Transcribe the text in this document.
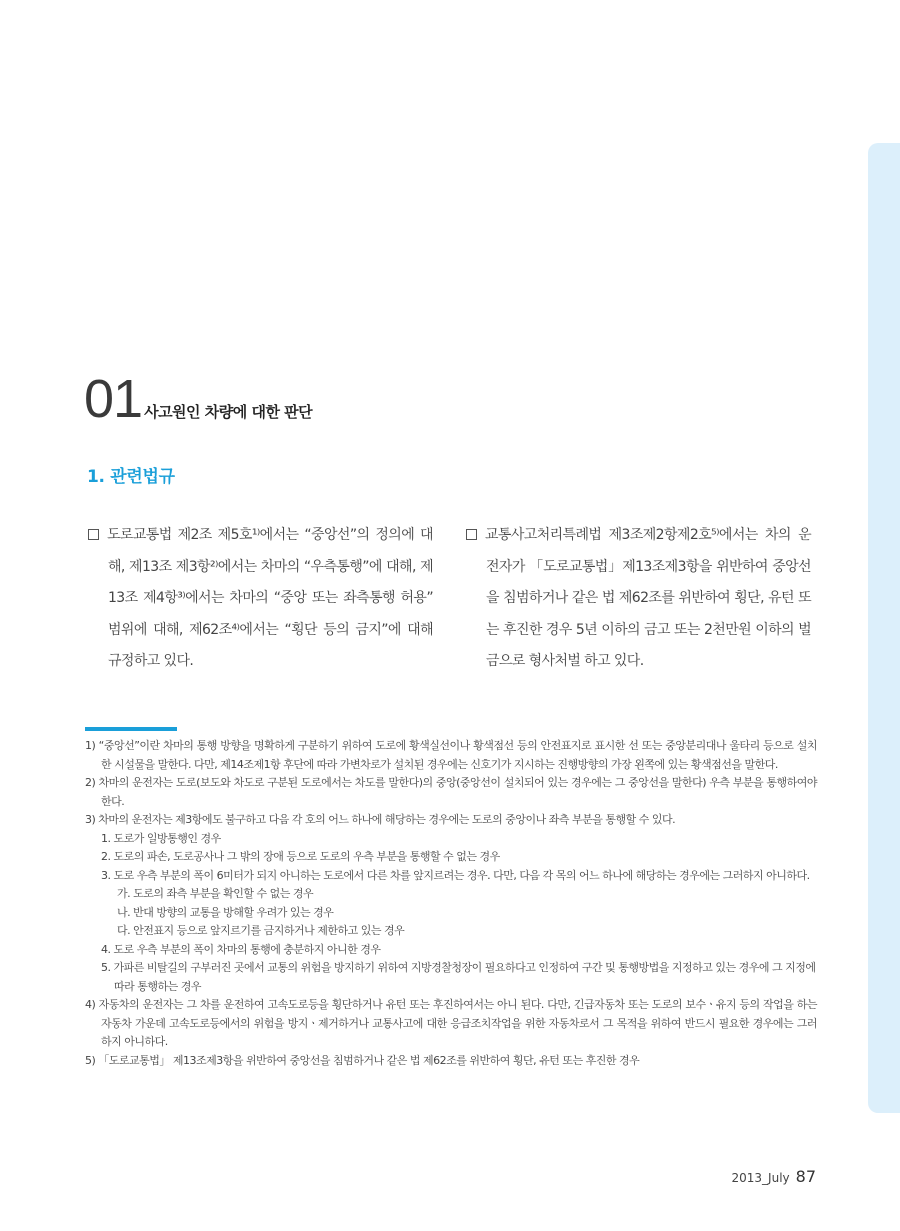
01 사고원인 차량에 대한 판단
1. 관련법규

도로교통법 제2조 제5호¹⁾에서는 “중앙선”의 정의에 대해, 제13조 제3항²⁾에서는 차마의 “우측통행”에 대해, 제13조 제4항³⁾에서는 차마의 “중앙 또는 좌측통행 허용” 범위에 대해, 제62조⁴⁾에서는 “횡단 등의 금지”에 대해 규정하고 있다.

교통사고처리특례법 제3조제2항제2호⁵⁾에서는 차의 운전자가 「도로교통법」제13조제3항을 위반하여 중앙선을 침범하거나 같은 법 제62조를 위반하여 횡단, 유턴 또는 후진한 경우 5년 이하의 금고 또는 2천만원 이하의 벌금으로 형사처벌 하고 있다.

1) “중앙선”이란 차마의 통행 방향을 명확하게 구분하기 위하여 도로에 황색실선이나 황색점선 등의 안전표지로 표시한 선 또는 중앙분리대나 울타리 등으로 설치한 시설물을 말한다. 다만, 제14조제1항 후단에 따라 가변차로가 설치된 경우에는 신호기가 지시하는 진행방향의 가장 왼쪽에 있는 황색점선을 말한다.

2) 차마의 운전자는 도로(보도와 차도로 구분된 도로에서는 차도를 말한다)의 중앙(중앙선이 설치되어 있는 경우에는 그 중앙선을 말한다) 우측 부분을 통행하여야 한다.

3) 차마의 운전자는 제3항에도 불구하고 다음 각 호의 어느 하나에 해당하는 경우에는 도로의 중앙이나 좌측 부분을 통행할 수 있다.

1. 도로가 일방통행인 경우

2. 도로의 파손, 도로공사나 그 밖의 장애 등으로 도로의 우측 부분을 통행할 수 없는 경우

3. 도로 우측 부분의 폭이 6미터가 되지 아니하는 도로에서 다른 차를 앞지르려는 경우. 다만, 다음 각 목의 어느 하나에 해당하는 경우에는 그러하지 아니하다.

가. 도로의 좌측 부분을 확인할 수 없는 경우

나. 반대 방향의 교통을 방해할 우려가 있는 경우

다. 안전표지 등으로 앞지르기를 금지하거나 제한하고 있는 경우

4. 도로 우측 부분의 폭이 차마의 통행에 충분하지 아니한 경우

5. 가파른 비탈길의 구부러진 곳에서 교통의 위험을 방지하기 위하여 지방경찰청장이 필요하다고 인정하여 구간 및 통행방법을 지정하고 있는 경우에 그 지정에 따라 통행하는 경우

4) 자동차의 운전자는 그 차를 운전하여 고속도로등을 횡단하거나 유턴 또는 후진하여서는 아니 된다. 다만, 긴급자동차 또는 도로의 보수ㆍ유지 등의 작업을 하는 자동차 가운데 고속도로등에서의 위험을 방지ㆍ제거하거나 교통사고에 대한 응급조치작업을 위한 자동차로서 그 목적을 위하여 반드시 필요한 경우에는 그러하지 아니하다.

5) 「도로교통법」 제13조제3항을 위반하여 중앙선을 침범하거나 같은 법 제62조를 위반하여 횡단, 유턴 또는 후진한 경우

2013_July 87
